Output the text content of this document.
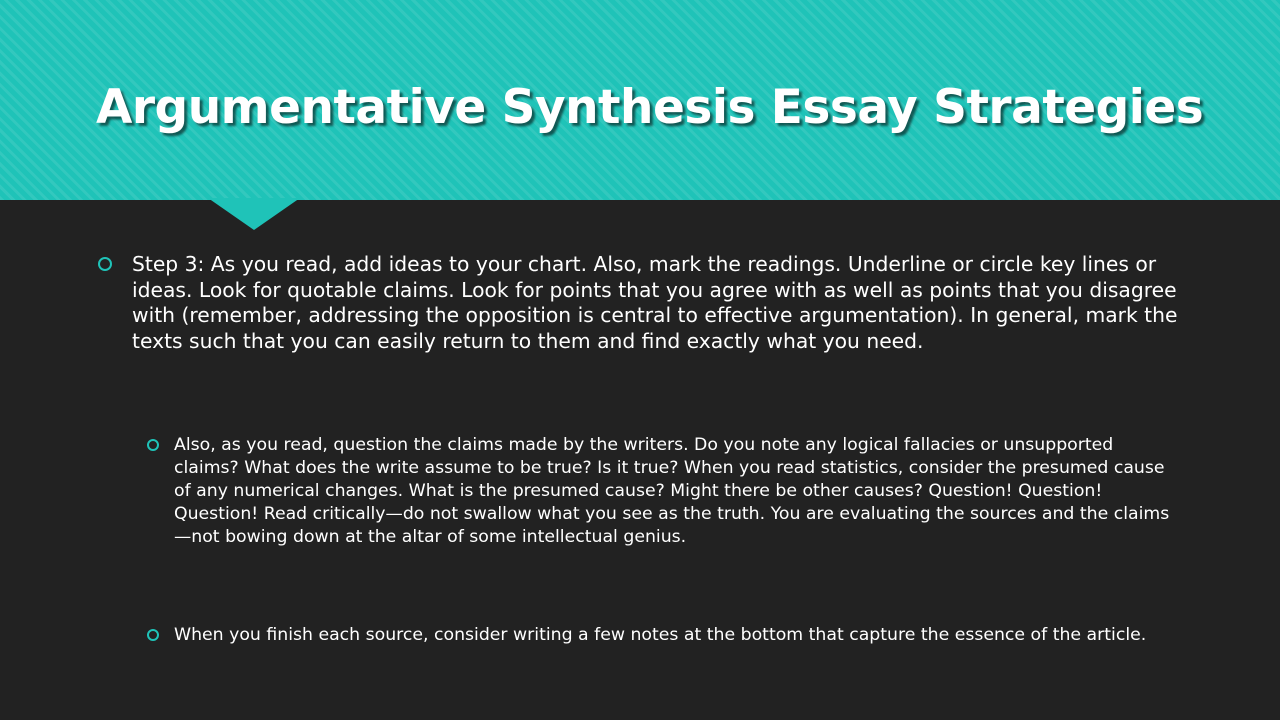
Argumentative Synthesis Essay Strategies
Step 3: As you read, add ideas to your chart. Also, mark the readings. Underline or circle key lines or ideas. Look for quotable claims. Look for points that you agree with as well as points that you disagree with (remember, addressing the opposition is central to effective argumentation). In general, mark the texts such that you can easily return to them and find exactly what you need.
Also, as you read, question the claims made by the writers. Do you note any logical fallacies or unsupported claims? What does the write assume to be true? Is it true? When you read statistics, consider the presumed cause of any numerical changes. What is the presumed cause? Might there be other causes? Question! Question! Question! Read critically—do not swallow what you see as the truth. You are evaluating the sources and the claims—not bowing down at the altar of some intellectual genius.
When you finish each source, consider writing a few notes at the bottom that capture the essence of the article.
